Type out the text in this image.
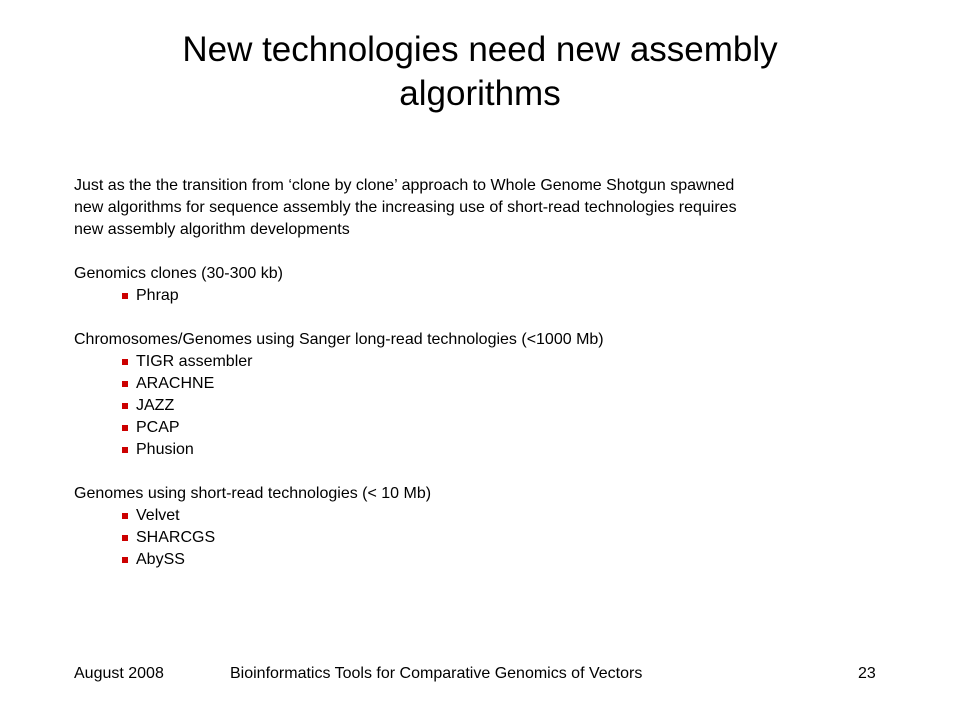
New technologies need new assembly
algorithms

Just as the the transition from ‘clone by clone’ approach to Whole Genome Shotgun spawned
new algorithms for sequence assembly the increasing use of short-read technologies requires
new assembly algorithm developments

Genomics clones (30-300 kb)

Phrap

Chromosomes/Genomes using Sanger long-read technologies (<1000 Mb)

TIGR assembler
ARACHNE
JAZZ
PCAP
Phusion

Genomes using short-read technologies (< 10 Mb)

Velvet
SHARCGS
AbySS
August 2008	Bioinformatics Tools for Comparative Genomics of Vectors	23
